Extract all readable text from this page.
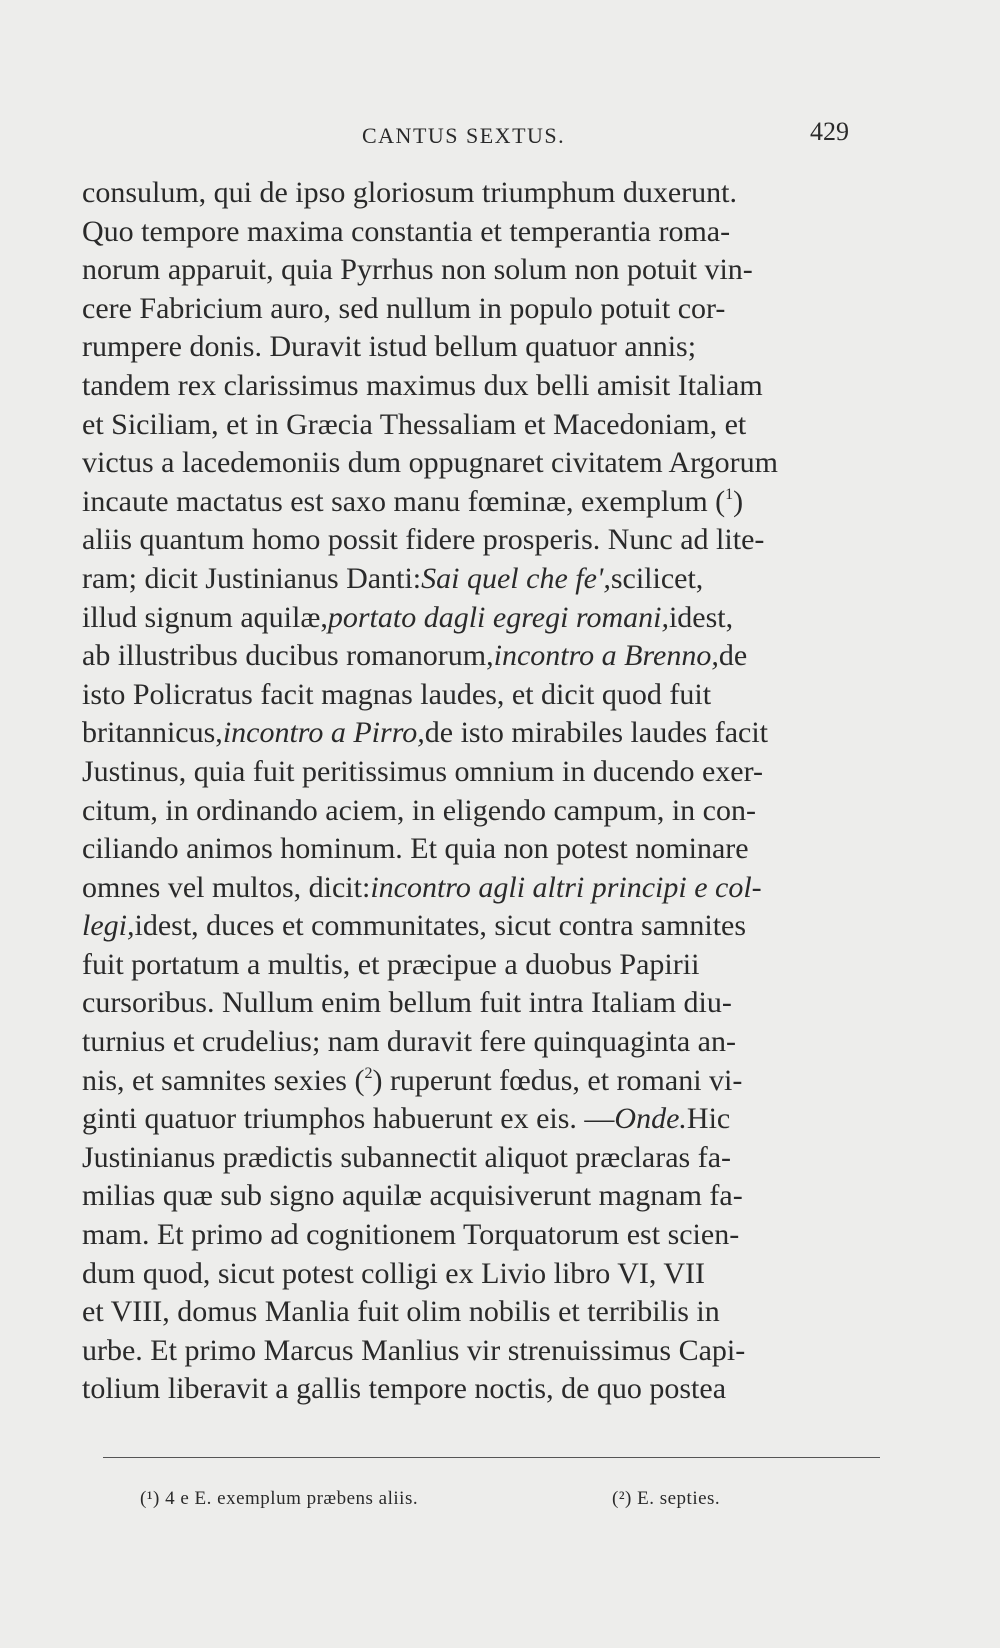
CANTUS SEXTUS.	429
consulum, qui de ipso gloriosum triumphum duxerunt.
Quo tempore maxima constantia et temperantia roma-
norum apparuit, quia Pyrrhus non solum non potuit vin-
cere Fabricium auro, sed nullum in populo potuit cor-
rumpere donis. Duravit istud bellum quatuor annis;
tandem rex clarissimus maximus dux belli amisit Italiam
et Siciliam, et in Græcia Thessaliam et Macedoniam, et
victus a lacedemoniis dum oppugnaret civitatem Argorum
incaute mactatus est saxo manu fœminæ, exemplum ($^1$)
aliis quantum homo possit fidere prosperis. Nunc ad lite-
ram; dicit Justinianus Danti:Sai quel che fe',scilicet,
illud signum aquilæ,portato dagli egregi romani,idest,
ab illustribus ducibus romanorum,incontro a Brenno,de
isto Policratus facit magnas laudes, et dicit quod fuit
britannicus,incontro a Pirro,de isto mirabiles laudes facit
Justinus, quia fuit peritissimus omnium in ducendo exer-
citum, in ordinando aciem, in eligendo campum, in con-
ciliando animos hominum. Et quia non potest nominare
omnes vel multos, dicit:incontro agli altri principi e col-
legi,idest, duces et communitates, sicut contra samnites
fuit portatum a multis, et præcipue a duobus Papirii
cursoribus. Nullum enim bellum fuit intra Italiam diu-
turnius et crudelius; nam duravit fere quinquaginta an-
nis, et samnites sexies ($^2$) ruperunt fœdus, et romani vi-
ginti quatuor triumphos habuerunt ex eis. —Onde.Hic
Justinianus prædictis subannectit aliquot præclaras fa-
milias quæ sub signo aquilæ acquisiverunt magnam fa-
mam. Et primo ad cognitionem Torquatorum est scien-
dum quod, sicut potest colligi ex Livio libro VI, VII
et VIII, domus Manlia fuit olim nobilis et terribilis in
urbe. Et primo Marcus Manlius vir strenuissimus Capi-
tolium liberavit a gallis tempore noctis, de quo postea
(¹) 4 e E. exemplum præbens aliis.	(²) E. septies.
